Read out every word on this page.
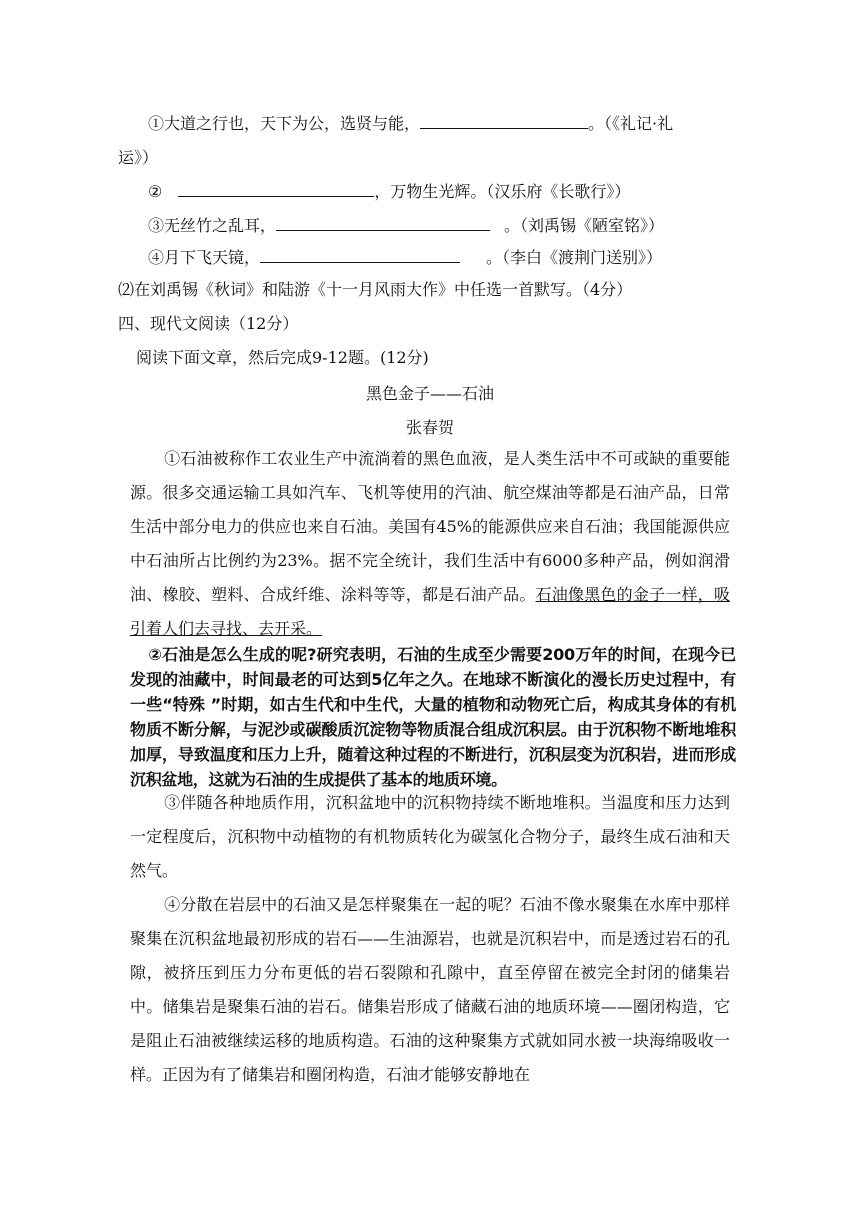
①大道之行也，天下为公，选贤与能，	。（《礼记·礼
运》）
②	，万物生光辉。（汉乐府《长歌行》）
③无丝竹之乱耳，	。（刘禹锡《陋室铭》）
④月下飞天镜，	。（李白《渡荆门送别》）
⑵在刘禹锡《秋词》和陆游《十一月风雨大作》中任选一首默写。（4分）
四、现代文阅读（12分）
阅读下面文章，然后完成9-12题。(12分)
黑色金子——石油
张春贺

①石油被称作工农业生产中流淌着的黑色血液，是人类生活中不可或缺的重要能源。很多交通运输工具如汽车、飞机等使用的汽油、航空煤油等都是石油产品，日常生活中部分电力的供应也来自石油。美国有45%的能源供应来自石油；我国能源供应中石油所占比例约为23%。据不完全统计，我们生活中有6000多种产品，例如润滑油、橡胶、塑料、合成纤维、涂料等等，都是石油产品。石油像黑色的金子一样，吸引着人们去寻找、去开采。

②石油是怎么生成的呢?研究表明，石油的生成至少需要200万年的时间，在现今已发现的油藏中，时间最老的可达到5亿年之久。在地球不断演化的漫长历史过程中，有一些“特殊 ”时期，如古生代和中生代，大量的植物和动物死亡后，构成其身体的有机物质不断分解，与泥沙或碳酸质沉淀物等物质混合组成沉积层。由于沉积物不断地堆积加厚，导致温度和压力上升，随着这种过程的不断进行，沉积层变为沉积岩，进而形成沉积盆地，这就为石油的生成提供了基本的地质环境。

③伴随各种地质作用，沉积盆地中的沉积物持续不断地堆积。当温度和压力达到一定程度后，沉积物中动植物的有机物质转化为碳氢化合物分子，最终生成石油和天然气。

④分散在岩层中的石油又是怎样聚集在一起的呢？石油不像水聚集在水库中那样聚集在沉积盆地最初形成的岩石——生油源岩，也就是沉积岩中，而是透过岩石的孔隙，被挤压到压力分布更低的岩石裂隙和孔隙中，直至停留在被完全封闭的储集岩中。储集岩是聚集石油的岩石。储集岩形成了储藏石油的地质环境——圈闭构造，它是阻止石油被继续运移的地质构造。石油的这种聚集方式就如同水被一块海绵吸收一样。正因为有了储集岩和圈闭构造，石油才能够安静地在
